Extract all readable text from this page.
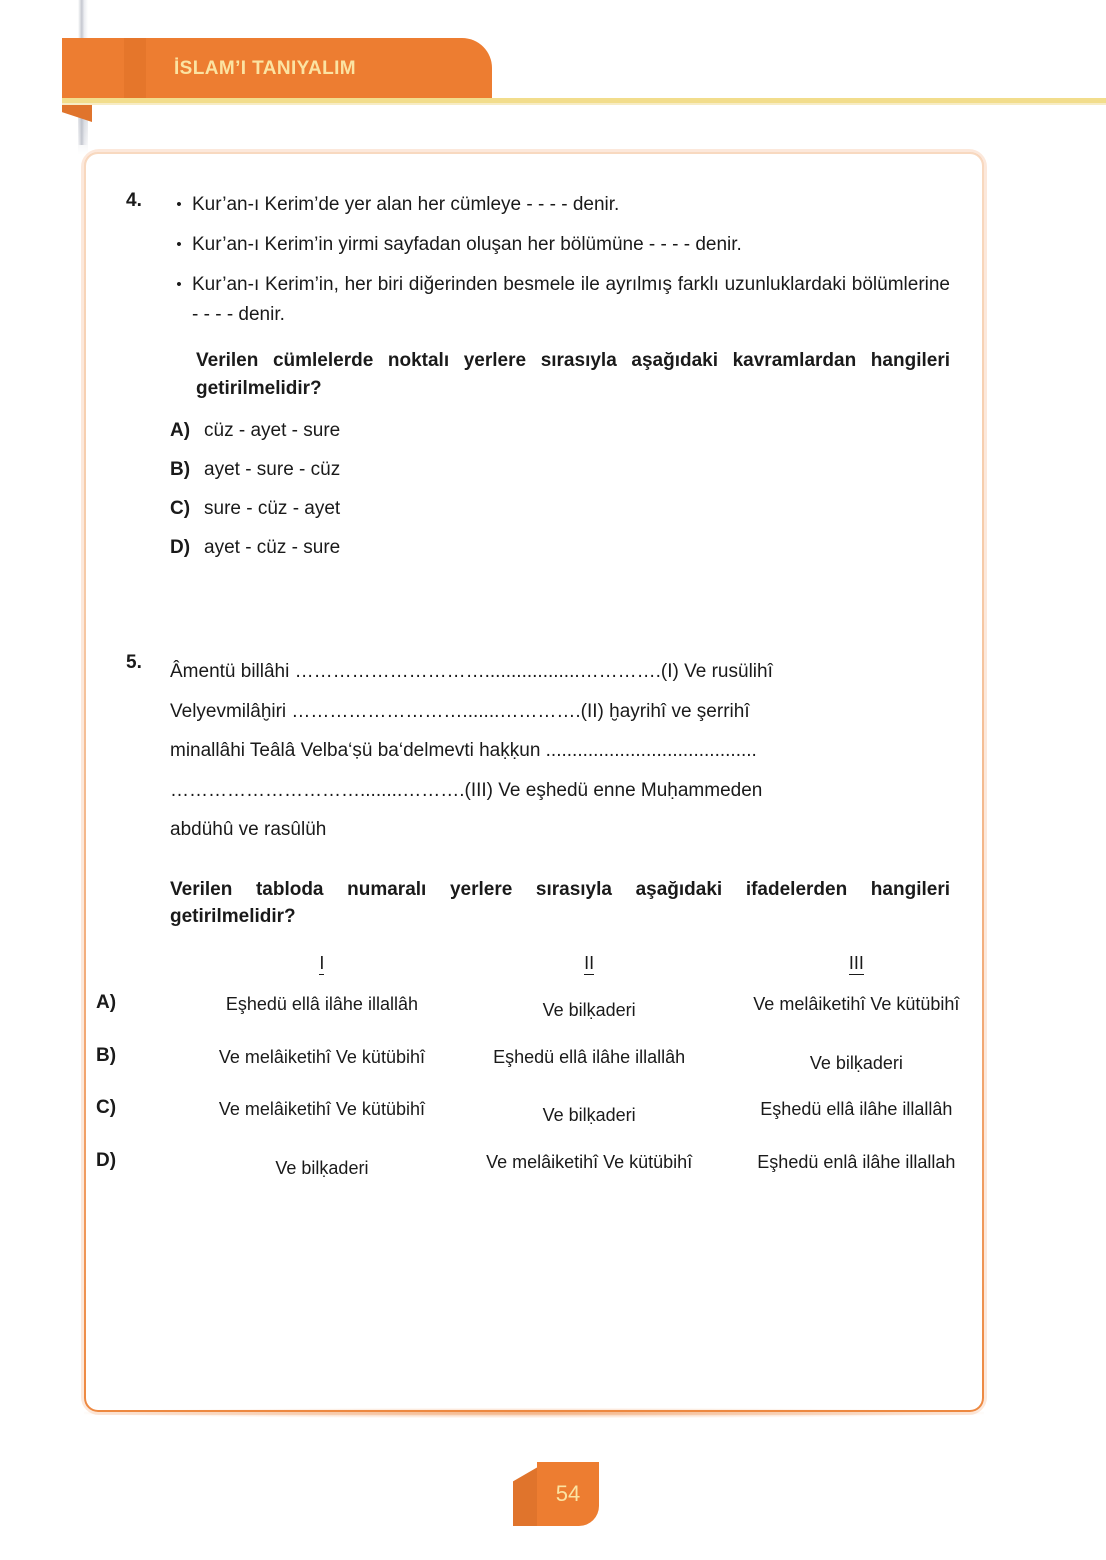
İSLAM’I TANIYALIM
4.	• Kur’an-ı Kerim’de yer alan her cümleye - - - - denir.
• Kur’an-ı Kerim’in yirmi sayfadan oluşan her bölümüne - - - - denir.
• Kur’an-ı Kerim’in, her biri diğerinden besmele ile ayrılmış farklı uzunluklardaki bölümlerine - - - - denir.
Verilen cümlelerde noktalı yerlere sırasıyla aşağıdaki kavramlardan hangileri getirilmelidir?
A) cüz - ayet - sure
B) ayet - sure - cüz
C) sure - cüz - ayet
D) ayet - cüz - sure
5. Âmentü billâhi …………………………..................………….(I) Ve rusülihî
Velyevmilâḫiri ……………………….......………….(II) ḫayrihî ve şerrihî
minallâhi Teâlâ Velba‘ṣü ba‘delmevti haḳḳun ........................................
…………………………........……….(III) Ve eşhedü enne Muḥammeden
abdühû ve rasûlüh
Verilen tabloda numaralı yerlere sırasıyla aşağıdaki ifadelerden hangileri getirilmelidir?
	I	II	III
A)	Eşhedü ellâ ilâhe illallâh	Ve bilḳaderi	Ve melâiketihî Ve kütübihî
B)	Ve melâiketihî Ve kütübihî	Eşhedü ellâ ilâhe illallâh	Ve bilḳaderi
C)	Ve melâiketihî Ve kütübihî	Ve bilḳaderi	Eşhedü ellâ ilâhe illallâh
D)	Ve bilḳaderi	Ve melâiketihî Ve kütübihî	Eşhedü enlâ ilâhe illallah
54
